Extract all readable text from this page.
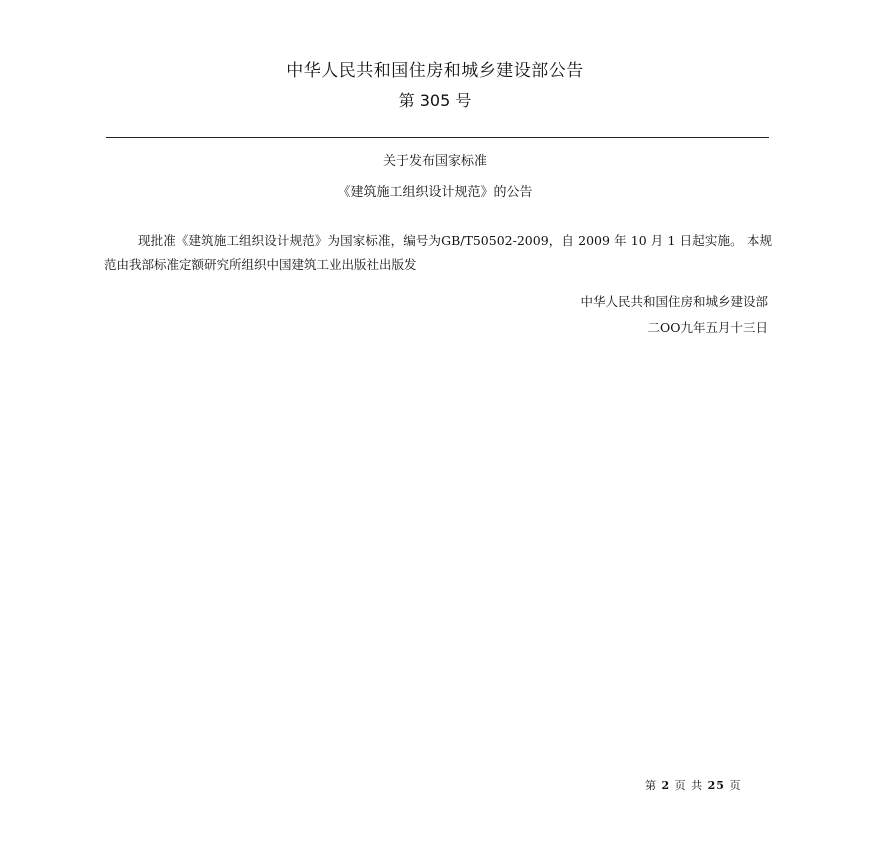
中华人民共和国住房和城乡建设部公告
第 305 号
关于发布国家标准
《建筑施工组织设计规范》的公告
现批准《建筑施工组织设计规范》为国家标准，编号为GB/T50502-2009，自 2009 年 10 月 1 日起实施。 本规范由我部标准定额研究所组织中国建筑工业出版社出版发
中华人民共和国住房和城乡建设部
二OO九年五月十三日
第 2 页 共 25 页
